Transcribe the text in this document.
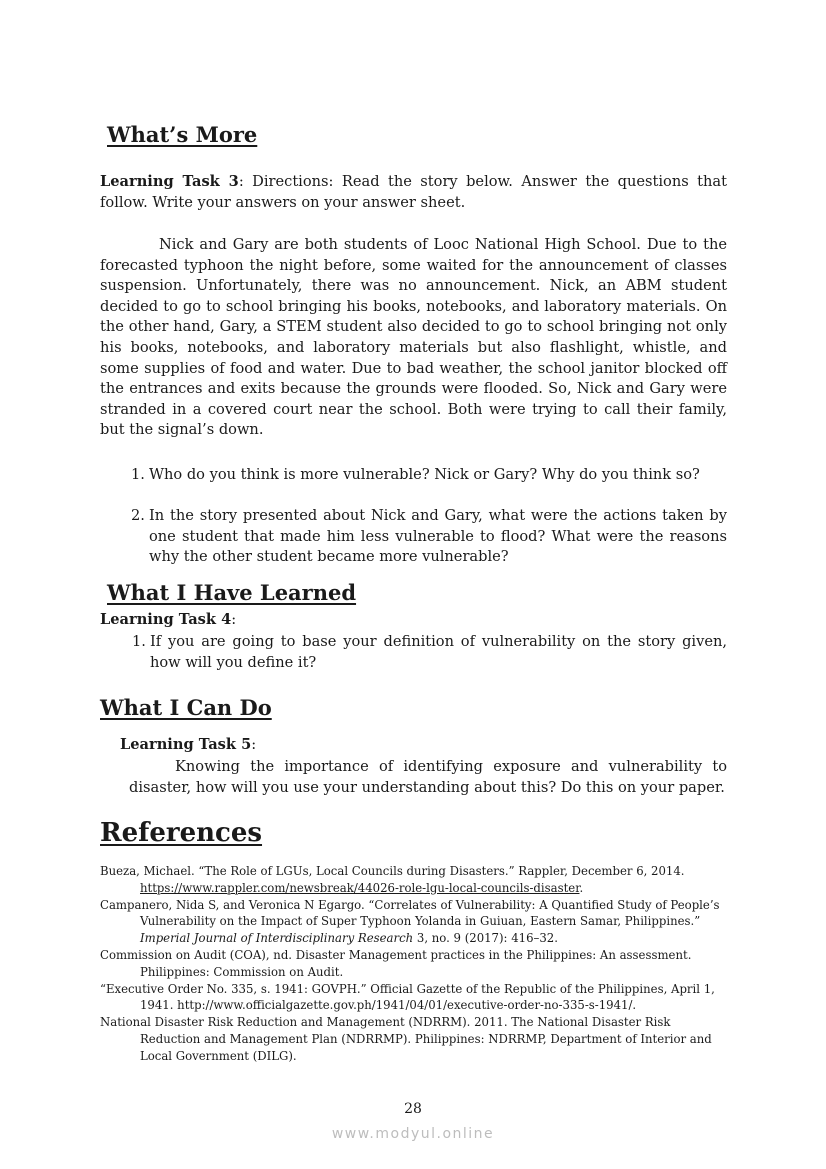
What’s More

Learning Task 3: Directions: Read the story below. Answer the questions that follow. Write your answers on your answer sheet.

Nick and Gary are both students of Looc National High School. Due to the forecasted typhoon the night before, some waited for the announcement of classes suspension. Unfortunately, there was no announcement. Nick, an ABM student decided to go to school bringing his books, notebooks, and laboratory materials. On the other hand, Gary, a STEM student also decided to go to school bringing not only his books, notebooks, and laboratory materials but also flashlight, whistle, and some supplies of food and water. Due to bad weather, the school janitor blocked off the entrances and exits because the grounds were flooded. So, Nick and Gary were stranded in a covered court near the school. Both were trying to call their family, but the signal’s down.

1. Who do you think is more vulnerable? Nick or Gary? Why do you think so?
2. In the story presented about Nick and Gary, what were the actions taken by one student that made him less vulnerable to flood? What were the reasons why the other student became more vulnerable?
What I Have Learned

Learning Task 4:

1. If you are going to base your definition of vulnerability on the story given, how will you define it?
What I Can Do

Learning Task 5:

Knowing the importance of identifying exposure and vulnerability to disaster, how will you use your understanding about this? Do this on your paper.

References

Bueza, Michael. “The Role of LGUs, Local Councils during Disasters.” Rappler, December 6, 2014. https://www.rappler.com/newsbreak/44026-role-lgu-local-councils-disaster.

Campanero, Nida S, and Veronica N Egargo. “Correlates of Vulnerability: A Quantified Study of People’s Vulnerability on the Impact of Super Typhoon Yolanda in Guiuan, Eastern Samar, Philippines.” Imperial Journal of Interdisciplinary Research 3, no. 9 (2017): 416–32.

Commission on Audit (COA), nd. Disaster Management practices in the Philippines: An assessment. Philippines: Commission on Audit.

“Executive Order No. 335, s. 1941: GOVPH.” Official Gazette of the Republic of the Philippines, April 1, 1941. http://www.officialgazette.gov.ph/1941/04/01/executive-order-no-335-s-1941/.

National Disaster Risk Reduction and Management (NDRRM). 2011. The National Disaster Risk Reduction and Management Plan (NDRRMP). Philippines: NDRRMP, Department of Interior and Local Government (DILG).

28
www.modyul.online
